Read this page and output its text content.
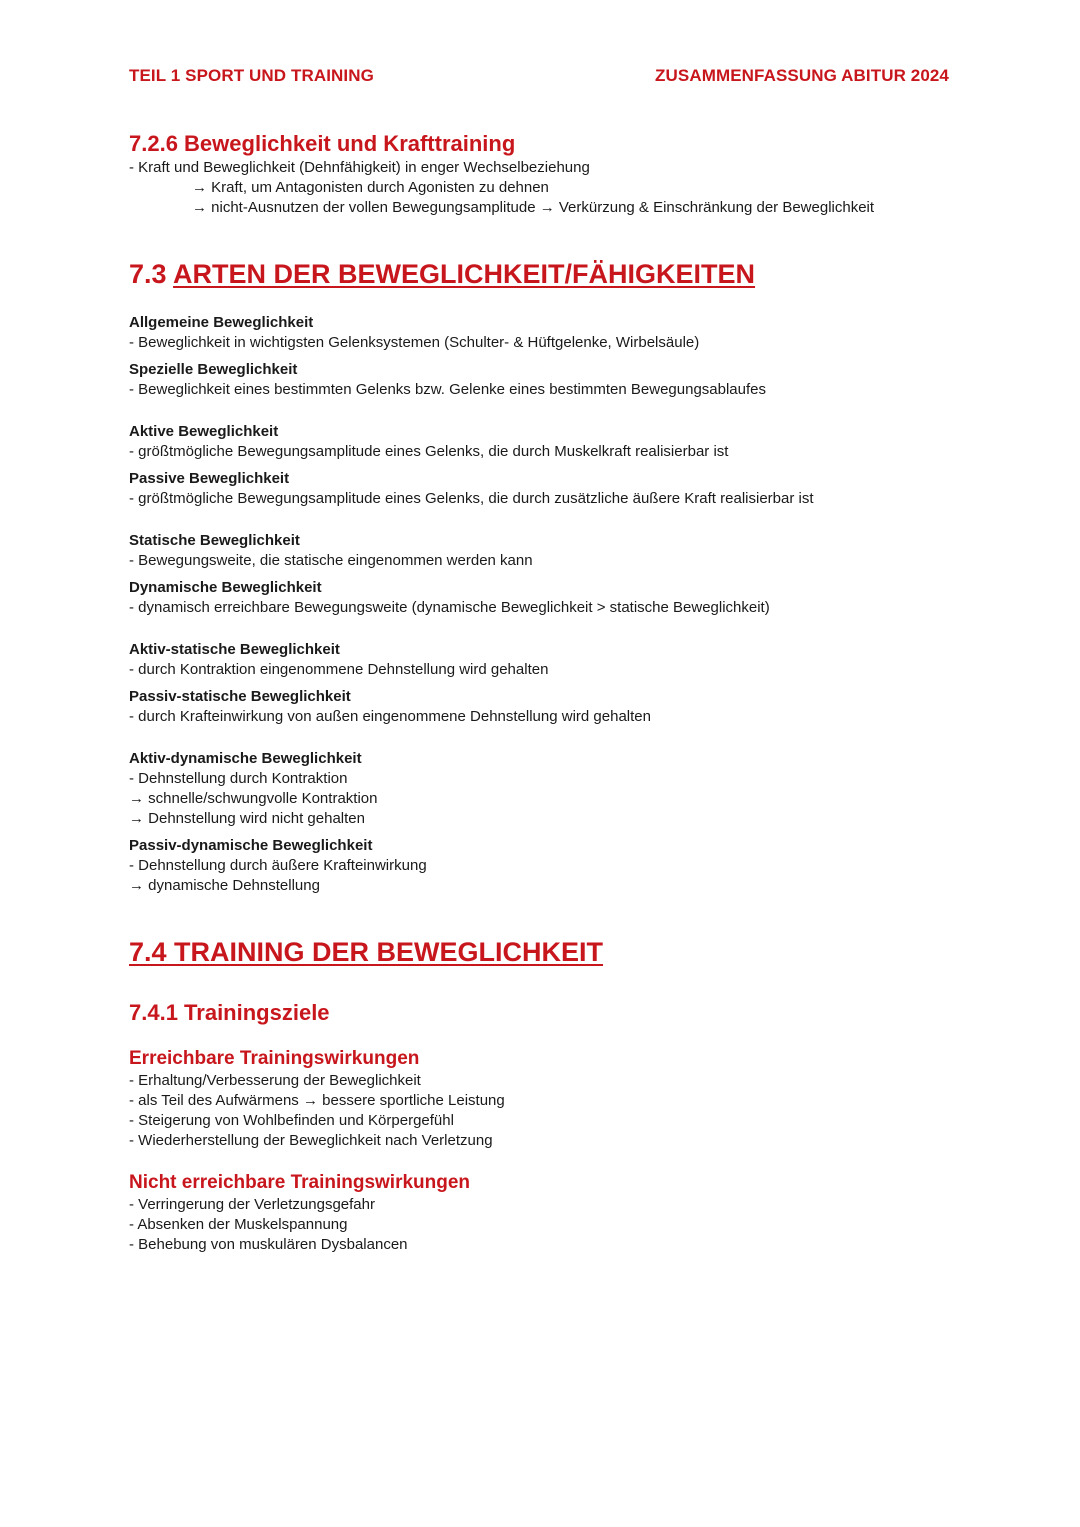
TEIL 1 SPORT UND TRAINING	ZUSAMMENFASSUNG ABITUR 2024
7.2.6 Beweglichkeit und Krafttraining
- Kraft und Beweglichkeit (Dehnfähigkeit) in enger Wechselbeziehung
→ Kraft, um Antagonisten durch Agonisten zu dehnen
→ nicht-Ausnutzen der vollen Bewegungsamplitude → Verkürzung & Einschränkung der Beweglichkeit
7.3 ARTEN DER BEWEGLICHKEIT/FÄHIGKEITEN
Allgemeine Beweglichkeit
- Beweglichkeit in wichtigsten Gelenksystemen (Schulter- & Hüftgelenke, Wirbelsäule)
Spezielle Beweglichkeit
- Beweglichkeit eines bestimmten Gelenks bzw. Gelenke eines bestimmten Bewegungsablaufes
Aktive Beweglichkeit
- größtmögliche Bewegungsamplitude eines Gelenks, die durch Muskelkraft realisierbar ist
Passive Beweglichkeit
- größtmögliche Bewegungsamplitude eines Gelenks, die durch zusätzliche äußere Kraft realisierbar ist
Statische Beweglichkeit
- Bewegungsweite, die statische eingenommen werden kann
Dynamische Beweglichkeit
- dynamisch erreichbare Bewegungsweite (dynamische Beweglichkeit > statische Beweglichkeit)
Aktiv-statische Beweglichkeit
- durch Kontraktion eingenommene Dehnstellung wird gehalten
Passiv-statische Beweglichkeit
- durch Krafteinwirkung von außen eingenommene Dehnstellung wird gehalten
Aktiv-dynamische Beweglichkeit
- Dehnstellung durch Kontraktion
→ schnelle/schwungvolle Kontraktion
→ Dehnstellung wird nicht gehalten
Passiv-dynamische Beweglichkeit
- Dehnstellung durch äußere Krafteinwirkung
→ dynamische Dehnstellung
7.4 TRAINING DER BEWEGLICHKEIT
7.4.1 Trainingsziele
Erreichbare Trainingswirkungen
- Erhaltung/Verbesserung der Beweglichkeit
- als Teil des Aufwärmens → bessere sportliche Leistung
- Steigerung von Wohlbefinden und Körpergefühl
- Wiederherstellung der Beweglichkeit nach Verletzung
Nicht erreichbare Trainingswirkungen
- Verringerung der Verletzungsgefahr
- Absenken der Muskelspannung
- Behebung von muskulären Dysbalancen
